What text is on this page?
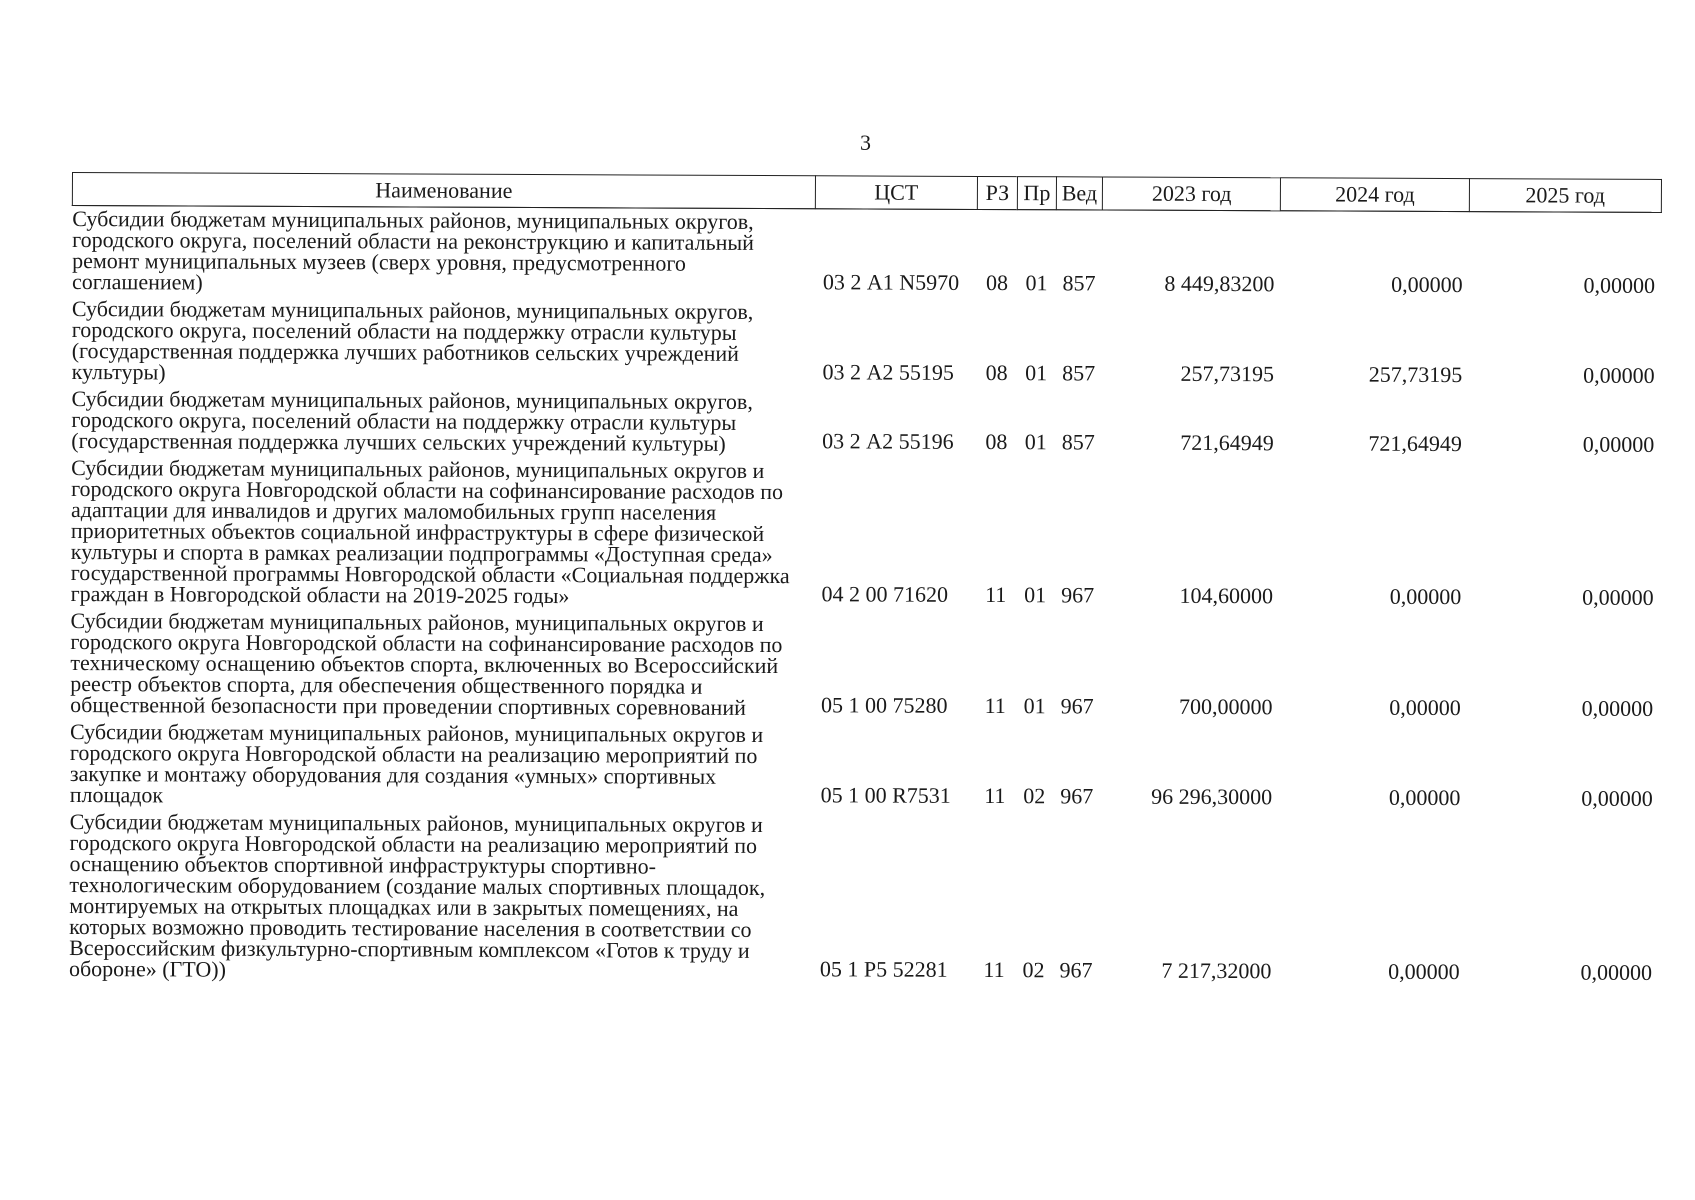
3
Наименование	ЦСТ	РЗ	Пр	Вед	2023 год	2024 год	2025 год
Субсидии бюджетам муниципальных районов, муниципальных округов, городского округа, поселений области на реконструкцию и капитальный ремонт муниципальных музеев (сверх уровня, предусмотренного соглашением)	03 2 А1 N5970	08	01	857	8 449,83200	0,00000	0,00000
Субсидии бюджетам муниципальных районов, муниципальных округов, городского округа, поселений области на поддержку отрасли культуры (государственная поддержка лучших работников сельских учреждений культуры)	03 2 А2 55195	08	01	857	257,73195	257,73195	0,00000
Субсидии бюджетам муниципальных районов, муниципальных округов, городского округа, поселений области на поддержку отрасли культуры (государственная поддержка лучших сельских учреждений культуры)	03 2 А2 55196	08	01	857	721,64949	721,64949	0,00000
Субсидии бюджетам муниципальных районов, муниципальных округов и городского округа Новгородской области на софинансирование расходов по адаптации для инвалидов и других маломобильных групп населения приоритетных объектов социальной инфраструктуры в сфере физической культуры и спорта в рамках реализации подпрограммы «Доступная среда» государственной программы Новгородской области «Социальная поддержка граждан в Новгородской области на 2019-2025 годы»	04 2 00 71620	11	01	967	104,60000	0,00000	0,00000
Субсидии бюджетам муниципальных районов, муниципальных округов и городского округа Новгородской области на софинансирование расходов по техническому оснащению объектов спорта, включенных во Всероссийский реестр объектов спорта, для обеспечения общественного порядка и общественной безопасности при проведении спортивных соревнований	05 1 00 75280	11	01	967	700,00000	0,00000	0,00000
Субсидии бюджетам муниципальных районов, муниципальных округов и городского округа Новгородской области на реализацию мероприятий по закупке и монтажу оборудования для создания «умных» спортивных площадок	05 1 00 R7531	11	02	967	96 296,30000	0,00000	0,00000
Субсидии бюджетам муниципальных районов, муниципальных округов и городского округа Новгородской области на реализацию мероприятий по оснащению объектов спортивной инфраструктуры спортивно-технологическим оборудованием (создание малых спортивных площадок, монтируемых на открытых площадках или в закрытых помещениях, на которых возможно проводить тестирование населения в соответствии со Всероссийским физкультурно-спортивным комплексом «Готов к труду и обороне» (ГТО))	05 1 P5 52281	11	02	967	7 217,32000	0,00000	0,00000
